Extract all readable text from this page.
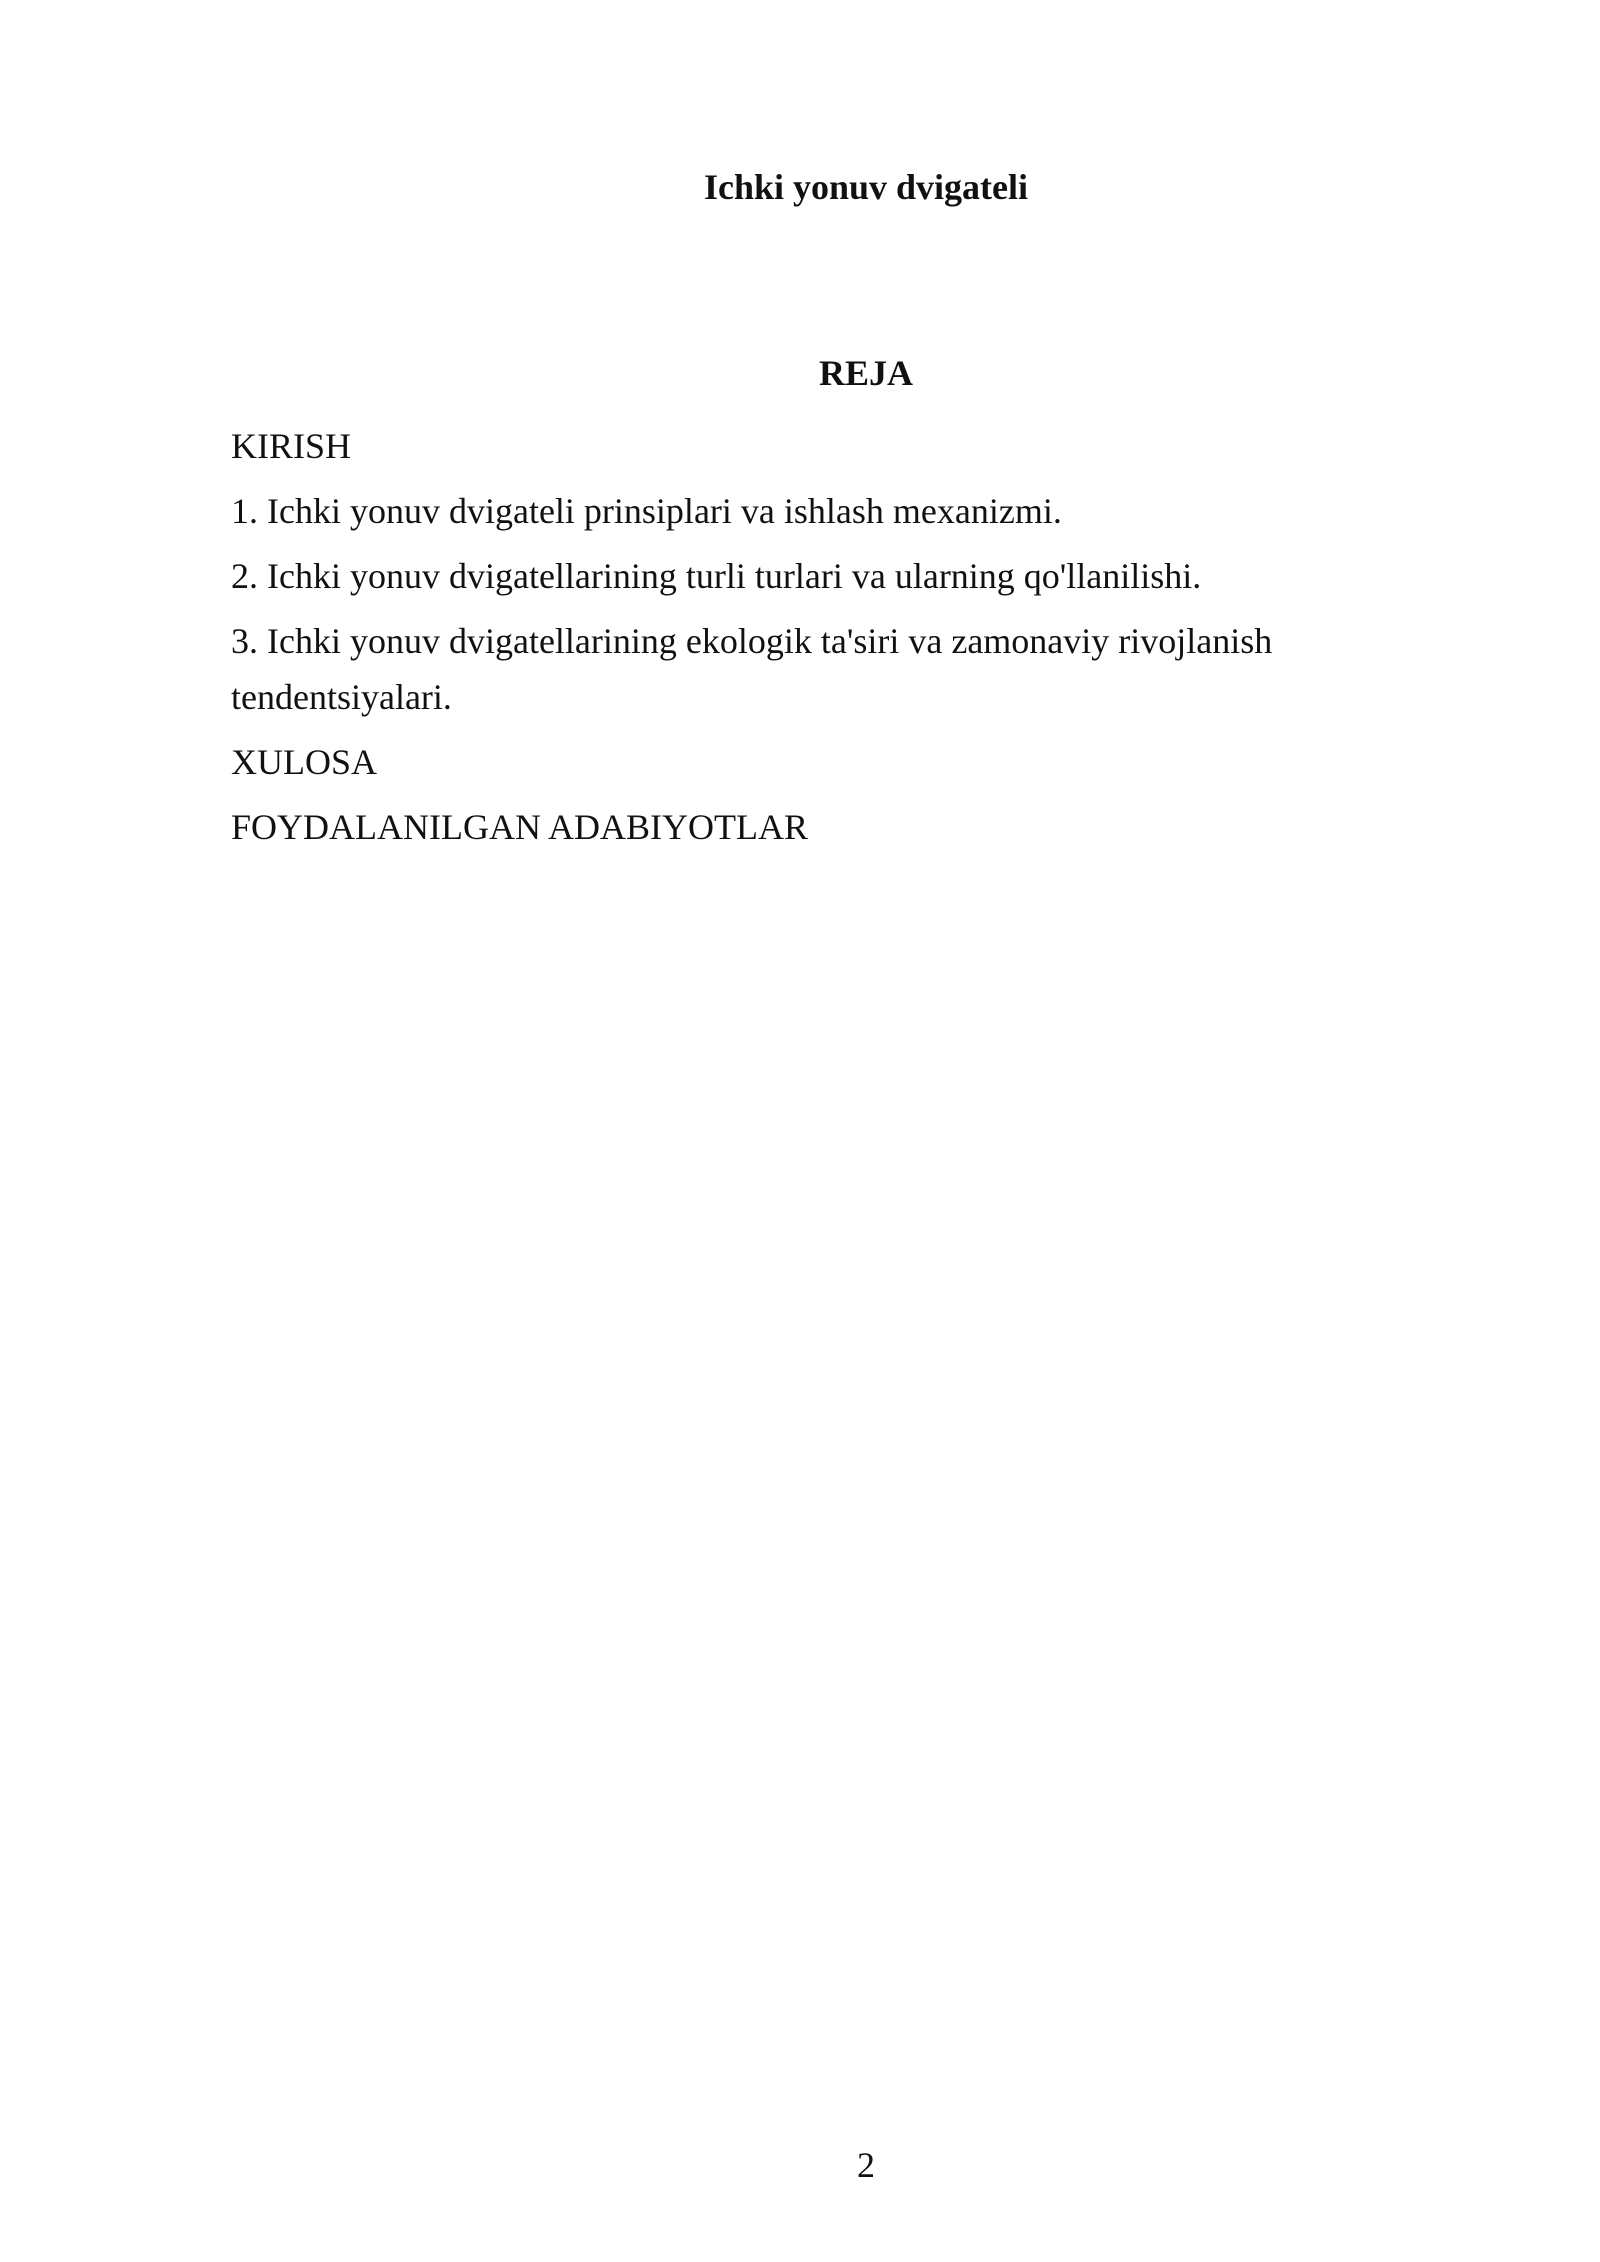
Ichki yonuv dvigateli
REJA
KIRISH
1. Ichki yonuv dvigateli prinsiplari va ishlash mexanizmi.
2. Ichki yonuv dvigatellarining turli turlari va ularning qo'llanilishi.
3. Ichki yonuv dvigatellarining ekologik ta'siri va zamonaviy rivojlanish tendentsiyalari.
XULOSA
FOYDALANILGAN ADABIYOTLAR
2
